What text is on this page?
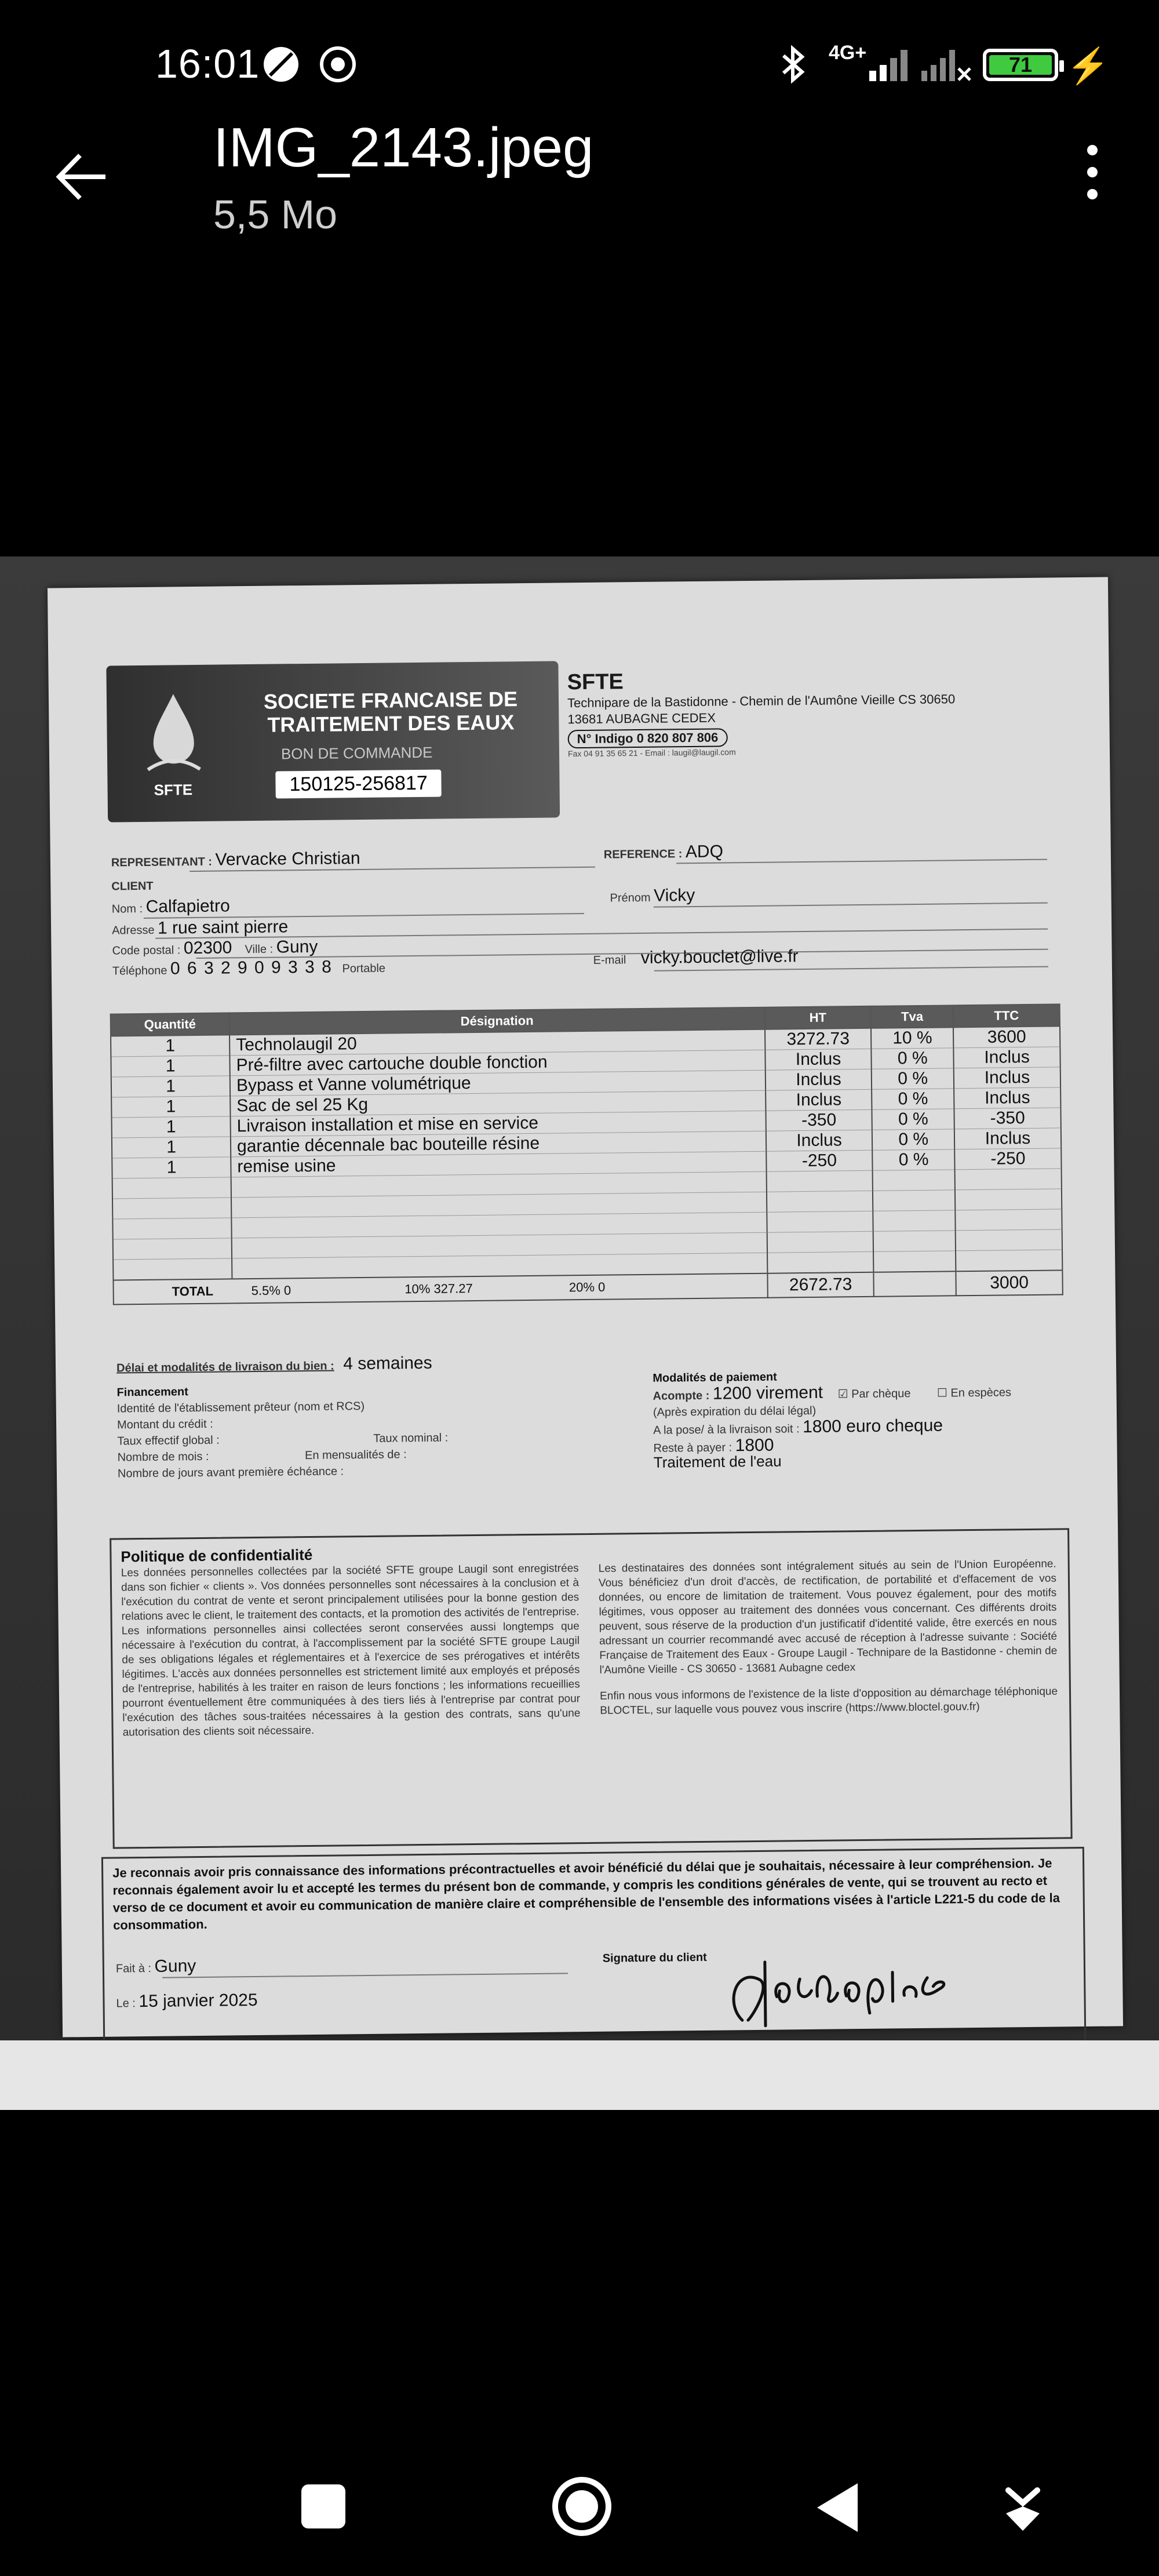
16:01	4G+	71 ⚡
IMG_2143.jpeg
5,5 Mo
SOCIETE FRANCAISE DE TRAITEMENT DES EAUX
BON DE COMMANDE
150125-256817
SFTE
SFTE
Technipare de la Bastidonne - Chemin de l'Aumône Vieille CS 30650
13681 AUBAGNE CEDEX
N° Indigo 0 820 807 806
Fax 04 91 35 65 21 - Email : laugil@laugil.com
REPRESENTANT : Vervacke Christian	REFERENCE : ADQ
CLIENT
Nom : Calfapietro	Prénom Vicky
Adresse 1 rue saint pierre
Code postal : 02300 Ville : Guny
Téléphone 0 6 3 2 9 0 9 3 3 8 Portable
E-mail vicky.bouclet@live.fr
Quantité	Désignation	HT	Tva	TTC
1	Technolaugil 20	3272.73	10 %	3600
1	Pré-filtre avec cartouche double fonction	Inclus	0 %	Inclus
1	Bypass et Vanne volumétrique	Inclus	0 %	Inclus
1	Sac de sel 25 Kg	Inclus	0 %	Inclus
1	Livraison installation et mise en service	-350	0 %	-350
1	garantie décennale bac bouteille résine	Inclus	0 %	Inclus
1	remise usine	-250	0 %	-250

TOTAL 5.5% 0 10% 327.27 20% 0		2672.73		3000
Délai et modalités de livraison du bien : 4 semaines
Financement
Identité de l'établissement prêteur (nom et RCS)
Montant du crédit :
Taux effectif global :	Taux nominal :
Nombre de mois :	En mensualités de :
Nombre de jours avant première échéance :
Modalités de paiement
Acompte : 1200 virement ☑ Par chèque ☐ En espèces
(Après expiration du délai légal)
A la pose/ à la livraison soit : 1800 euro cheque
Reste à payer : 1800
Traitement de l'eau
Politique de confidentialité
Les données personnelles collectées par la société SFTE groupe Laugil sont enregistrées dans son fichier « clients ». Vos données personnelles sont nécessaires à la conclusion et à l'exécution du contrat de vente et seront principalement utilisées pour la bonne gestion des relations avec le client, le traitement des contacts, et la promotion des activités de l'entreprise. Les informations personnelles ainsi collectées seront conservées aussi longtemps que nécessaire à l'exécution du contrat, à l'accomplissement par la société SFTE groupe Laugil de ses obligations légales et réglementaires et à l'exercice de ses prérogatives et intérêts légitimes. L'accès aux données personnelles est strictement limité aux employés et préposés de l'entreprise, habilités à les traiter en raison de leurs fonctions ; les informations recueillies pourront éventuellement être communiquées à des tiers liés à l'entreprise par contrat pour l'exécution des tâches sous-traitées nécessaires à la gestion des contrats, sans qu'une autorisation des clients soit nécessaire.
Les destinataires des données sont intégralement situés au sein de l'Union Européenne. Vous bénéficiez d'un droit d'accès, de rectification, de portabilité et d'effacement de vos données, ou encore de limitation de traitement. Vous pouvez également, pour des motifs légitimes, vous opposer au traitement des données vous concernant. Ces différents droits peuvent, sous réserve de la production d'un justificatif d'identité valide, être exercés en nous adressant un courrier recommandé avec accusé de réception à l'adresse suivante : Société Française de Traitement des Eaux - Groupe Laugil - Technipare de la Bastidonne - chemin de l'Aumône Vieille - CS 30650 - 13681 Aubagne cedex
Enfin nous vous informons de l'existence de la liste d'opposition au démarchage téléphonique BLOCTEL, sur laquelle vous pouvez vous inscrire (https://www.bloctel.gouv.fr)
Je reconnais avoir pris connaissance des informations précontractuelles et avoir bénéficié du délai que je souhaitais, nécessaire à leur compréhension. Je reconnais également avoir lu et accepté les termes du présent bon de commande, y compris les conditions générales de vente, qui se trouvent au recto et verso de ce document et avoir eu communication de manière claire et compréhensible de l'ensemble des informations visées à l'article L221-5 du code de la consommation.
Fait à : Guny
Le : 15 janvier 2025
Signature du client
